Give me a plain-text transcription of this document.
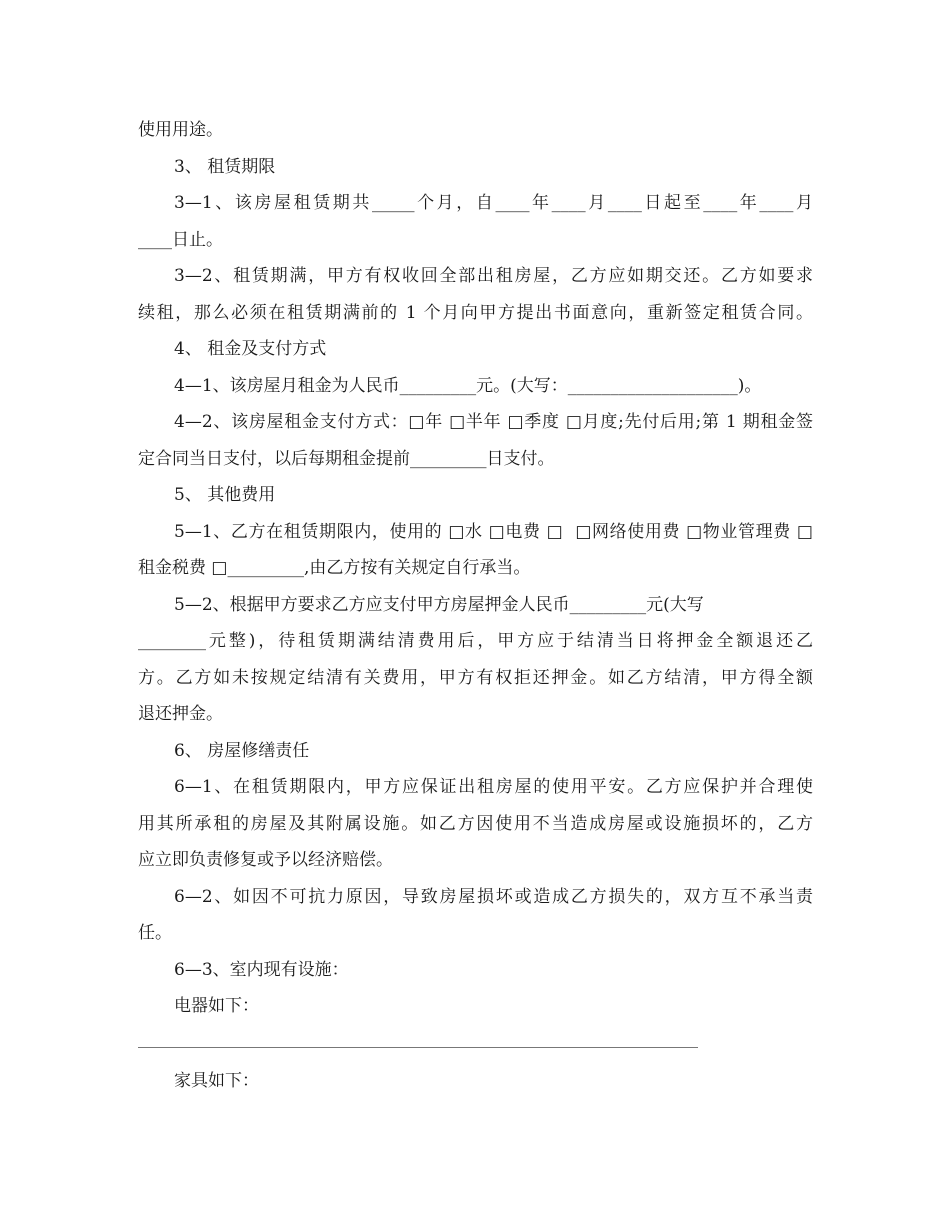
使用用途。
3、 租赁期限
3—1、该房屋租赁期共_____个月，自____年____月____日起至____年____月
____日止。
3—2、租赁期满，甲方有权收回全部出租房屋，乙方应如期交还。乙方如要求
续租，那么必须在租赁期满前的 1 个月向甲方提出书面意向，重新签定租赁合同。
4、 租金及支付方式
4—1、该房屋月租金为人民币_________元。(大写：____________________)。
4—2、该房屋租金支付方式：□年 □半年 □季度 □月度;先付后用;第 1 期租金签
定合同当日支付，以后每期租金提前_________日支付。
5、 其他费用
5—1、乙方在租赁期限内，使用的 □水 □电费 □  □网络使用费 □物业管理费 □
租金税费 □_________,由乙方按有关规定自行承当。
5—2、根据甲方要求乙方应支付甲方房屋押金人民币_________元(大写
________元整)，待租赁期满结清费用后，甲方应于结清当日将押金全额退还乙
方。乙方如未按规定结清有关费用，甲方有权拒还押金。如乙方结清，甲方得全额
退还押金。
6、 房屋修缮责任
6—1、在租赁期限内，甲方应保证出租房屋的使用平安。乙方应保护并合理使
用其所承租的房屋及其附属设施。如乙方因使用不当造成房屋或设施损坏的，乙方
应立即负责修复或予以经济赔偿。
6—2、如因不可抗力原因，导致房屋损坏或造成乙方损失的，双方互不承当责
任。
6—3、室内现有设施：
电器如下：
家具如下：
